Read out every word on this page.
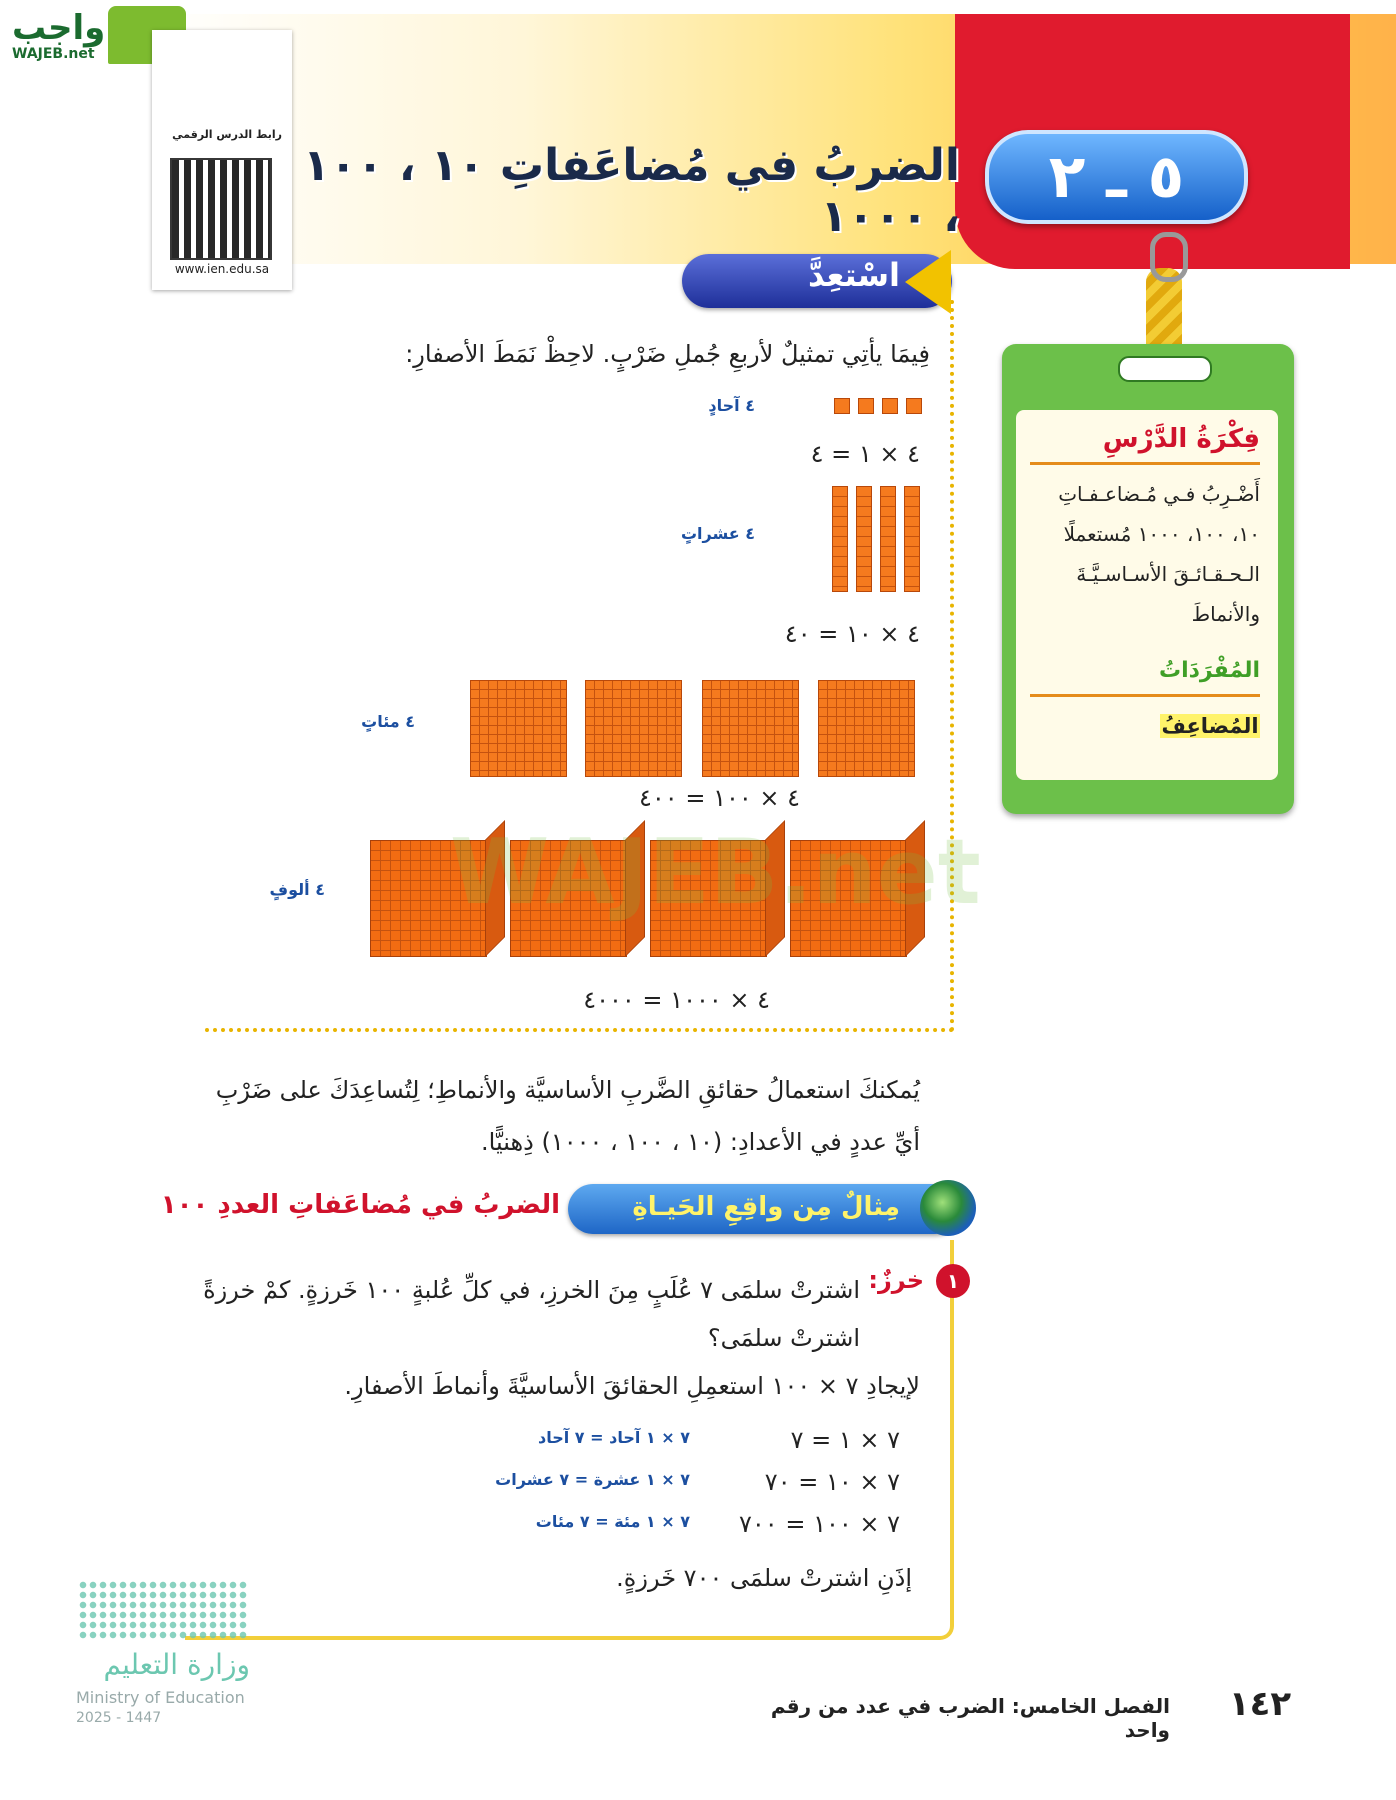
٥ ـ ٢
الضربُ في مُضاعَفاتِ ١٠ ، ١٠٠ ، ١٠٠٠
واجب
WAJEB.net
رابط الدرس الرقمي
www.ien.edu.sa	اسْتعِدَّ
فِيمَا يأتِي تمثيلٌ لأربعِ جُملِ ضَرْبٍ. لاحِظْ نَمَطَ الأصفارِ:
٤ آحادٍ
٤ × ١ = ٤
٤ عشراتٍ
٤ × ١٠ = ٤٠
٤ مئاتٍ
٤ × ١٠٠ = ٤٠٠
٤ ألوفٍ
٤ × ١٠٠٠ = ٤٠٠٠
WAJEB.net
يُمكنكَ استعمالُ حقائقِ الضَّربِ الأساسيَّة والأنماطِ؛ لِتُساعِدَكَ على ضَرْبِ
أيِّ عددٍ في الأعدادِ: (١٠ ، ١٠٠ ، ١٠٠٠) ذِهنيًّا.
فِكْرَةُ الدَّرْسِ
أَضْـرِبُ فـي مُـضاعـفـاتِ ١٠، ١٠٠، ١٠٠٠ مُستعملًا الـحـقـائـقَ الأسـاسـيَّـةَ والأنماطَ
المُفْرَدَاتُ
المُضاعِفُ
مِثالٌ مِن واقِعِ الحَيـاةِ
الضربُ في مُضاعَفاتِ العددِ ١٠٠
١
خرزٌ:
اشترتْ سلمَى ٧ عُلَبٍ مِنَ الخرزِ، في كلِّ عُلبةٍ ١٠٠ خَرزةٍ. كمْ خرزةً اشترتْ سلمَى؟
لإيجادِ ٧ × ١٠٠ استعمِلِ الحقائقَ الأساسيَّةَ وأنماطَ الأصفارِ.
٧ × ١ = ٧
٧ × ١ آحاد = ٧ آحاد
٧ × ١٠ = ٧٠
٧ × ١ عشرة = ٧ عشرات
٧ × ١٠٠ = ٧٠٠
٧ × ١ مئة = ٧ مئات
إذَنِ اشترتْ سلمَى ٧٠٠ خَرزةٍ.
وزارة التعليم
Ministry of Education
2025 - 1447	الفصل الخامس: الضرب في عدد من رقم واحد
١٤٢
